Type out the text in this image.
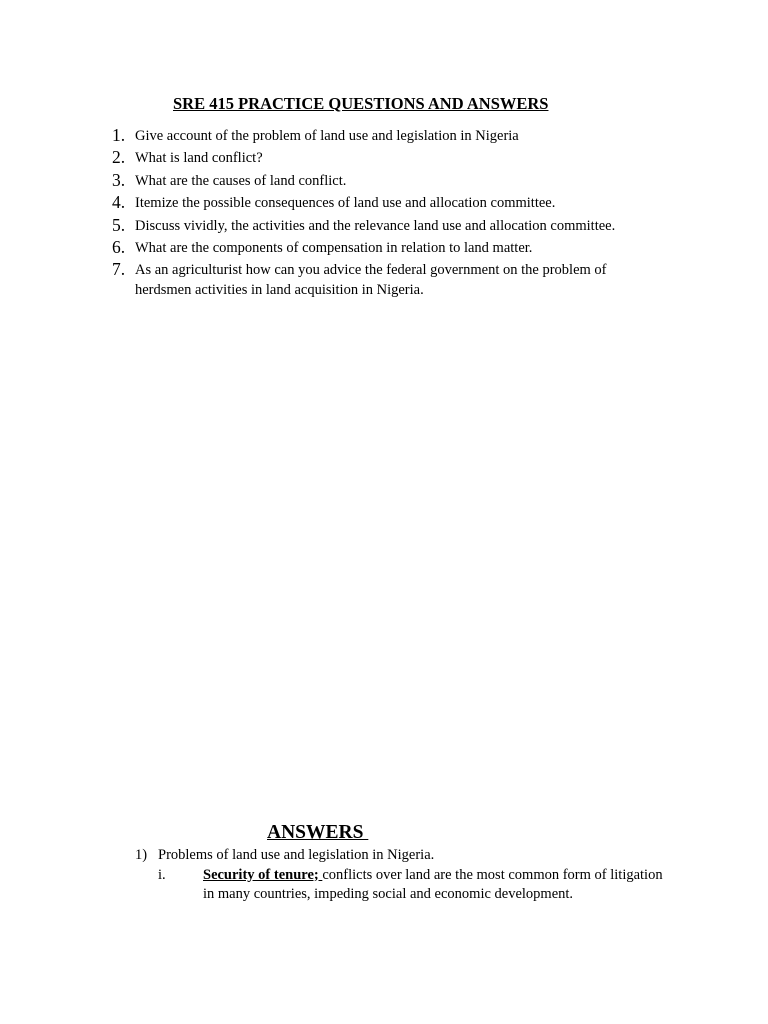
SRE 415 PRACTICE QUESTIONS AND ANSWERS
1. Give account of the problem of land use and legislation in Nigeria
2. What is land conflict?
3. What are the causes of land conflict.
4. Itemize the possible consequences of land use and allocation committee.
5. Discuss vividly, the activities and the relevance land use and allocation committee.
6. What are the components of compensation in relation to land matter.
7. As an agriculturist how can you advice the federal government on the problem of herdsmen activities in land acquisition in Nigeria.
ANSWERS
1) Problems of land use and legislation in Nigeria.
i.	Security of tenure; conflicts over land are the most common form of litigation in many countries, impeding social and economic development.
